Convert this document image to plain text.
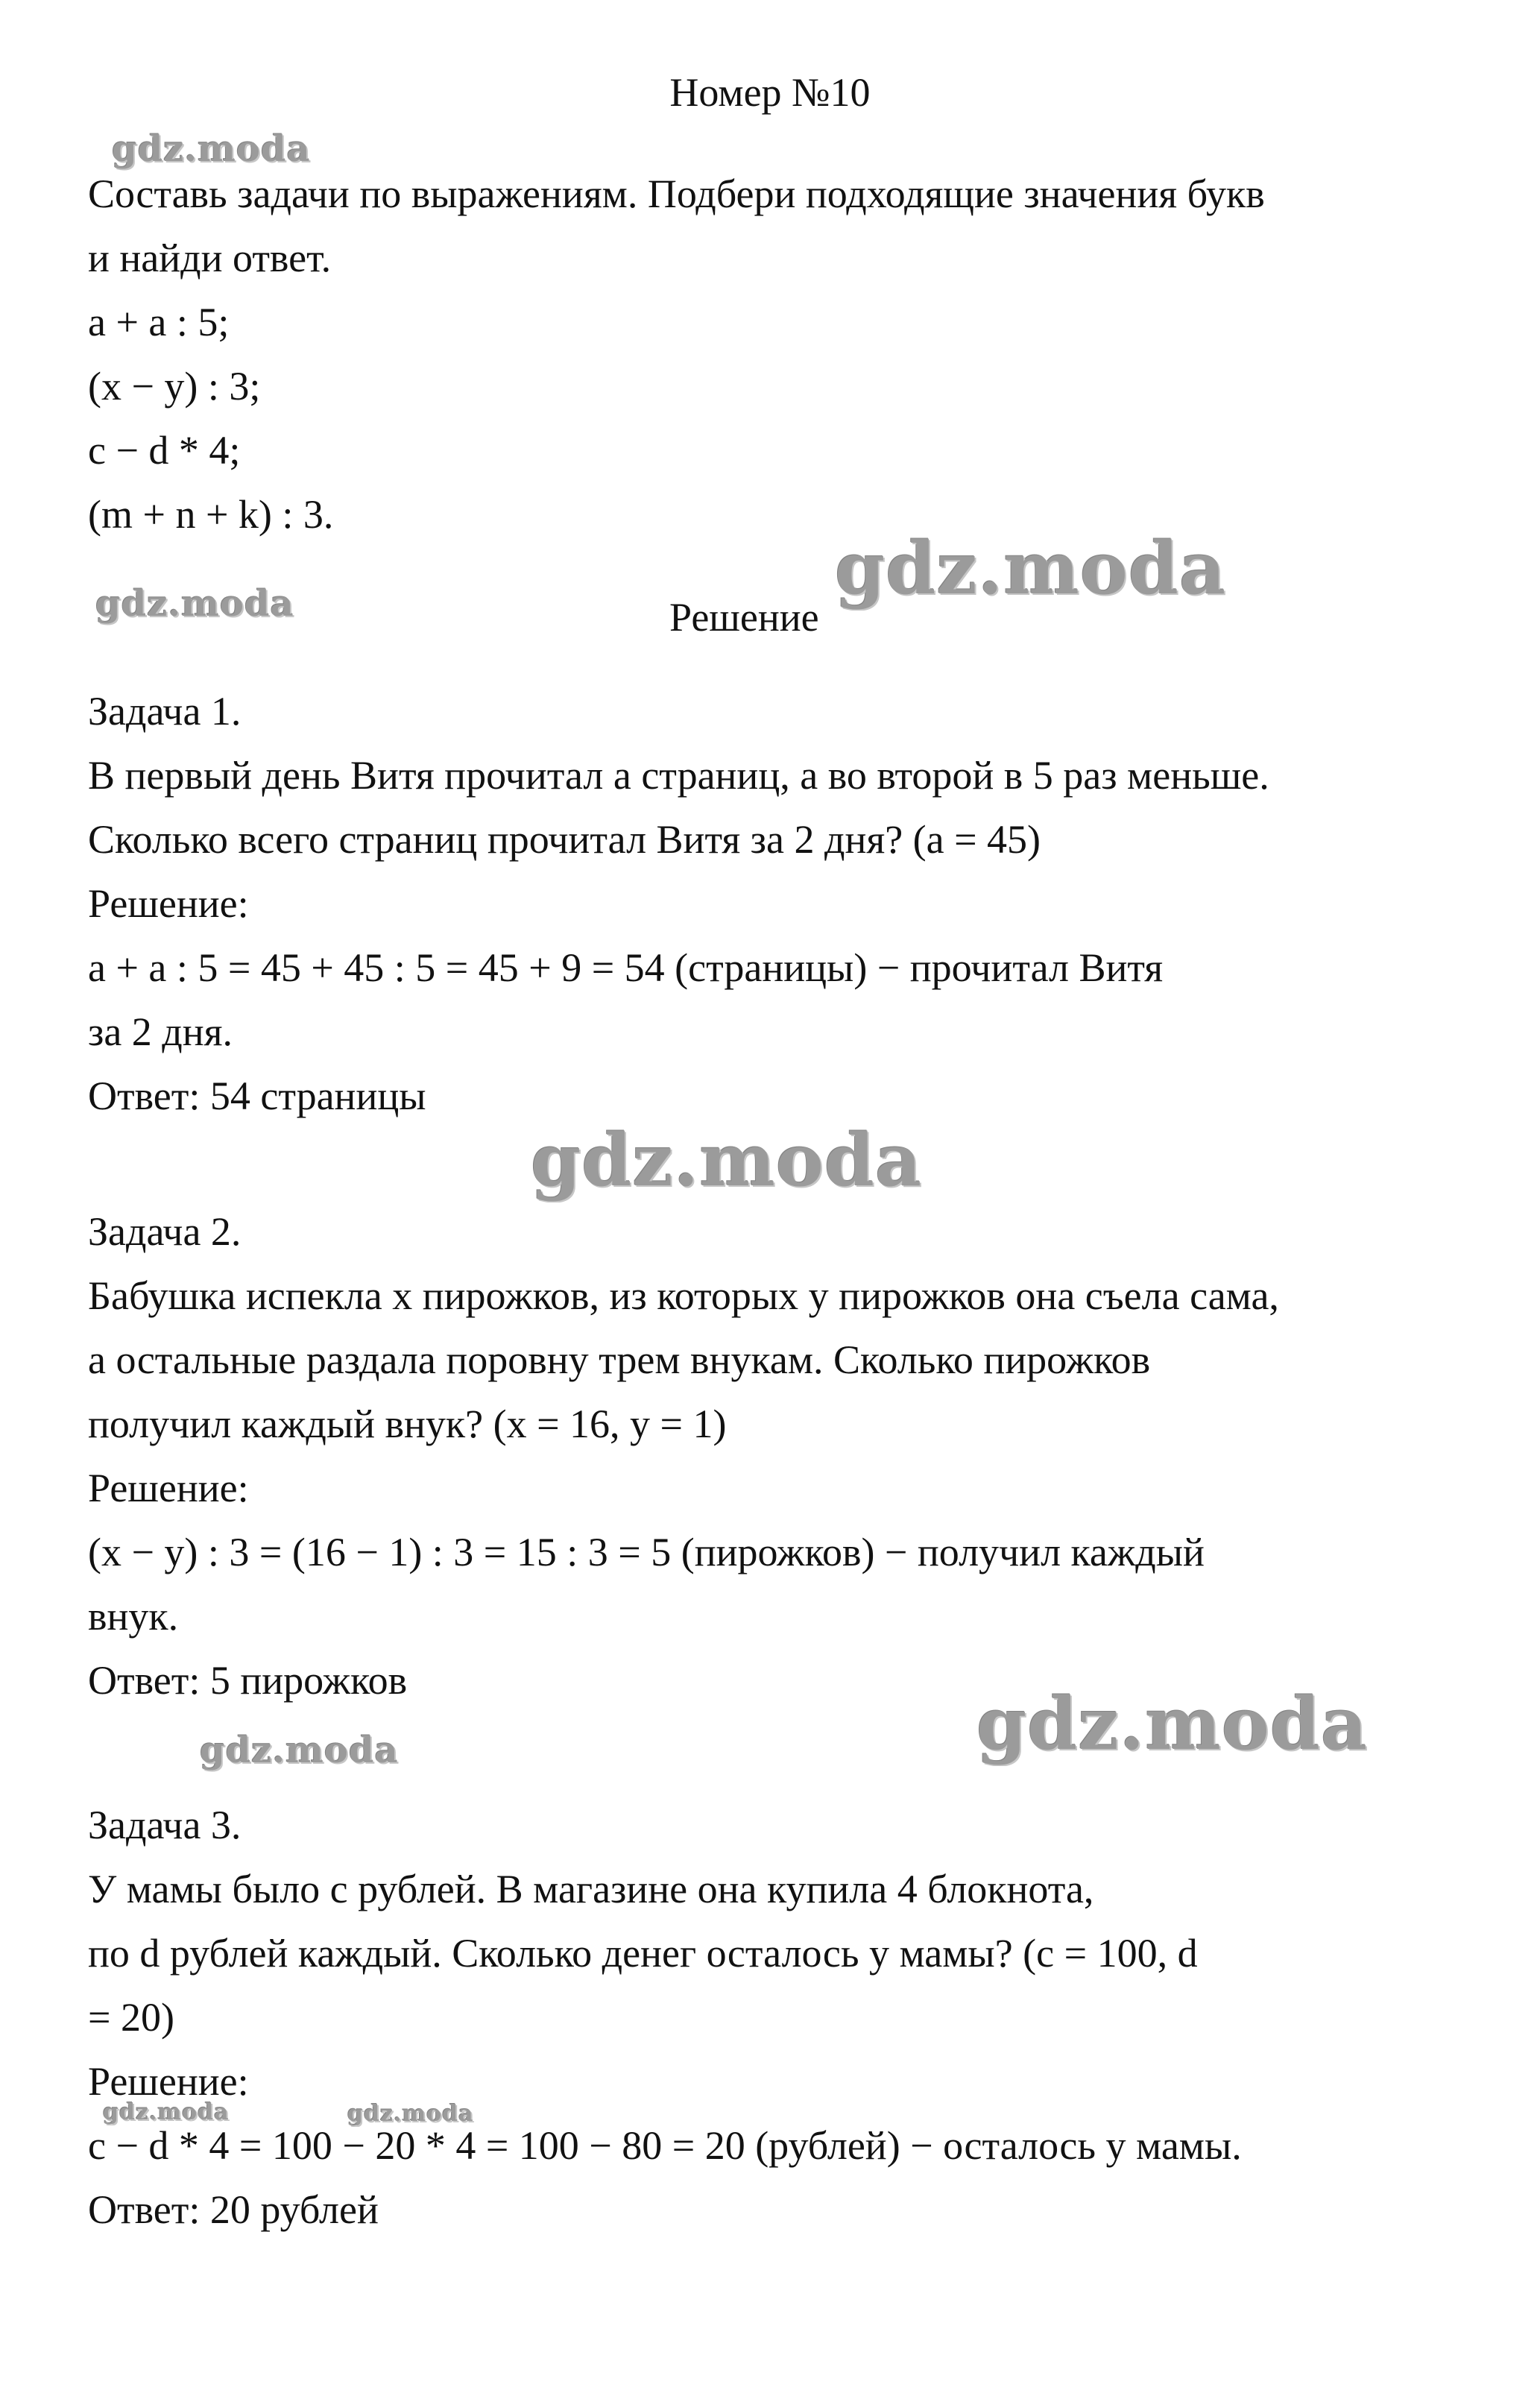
gdz.moda
gdz.moda	gdz.moda
gdz.moda
gdz.moda
gdz.moda
gdz.moda	gdz.moda
Номер №10
Составь задачи по выражениям. Подбери подходящие значения букв
и найди ответ.
a + a : 5;
(x − y) : 3;
c − d * 4;
(m + n + k) : 3.
Решение
Задача 1.
В первый день Витя прочитал a страниц, а во второй в 5 раз меньше.
Сколько всего страниц прочитал Витя за 2 дня? (a = 45)
Решение:
a + a : 5 = 45 + 45 : 5 = 45 + 9 = 54 (страницы) − прочитал Витя
за 2 дня.
Ответ: 54 страницы
Задача 2.
Бабушка испекла x пирожков, из которых y пирожков она съела сама,
а остальные раздала поровну трем внукам. Сколько пирожков
получил каждый внук? (x = 16, y = 1)
Решение:
(x − y) : 3 = (16 − 1) : 3 = 15 : 3 = 5 (пирожков) − получил каждый
внук.
Ответ: 5 пирожков
Задача 3.
У мамы было c рублей. В магазине она купила 4 блокнота,
по d рублей каждый. Сколько денег осталось у мамы? (c = 100, d
= 20)
Решение:
c − d * 4 = 100 − 20 * 4 = 100 − 80 = 20 (рублей) − осталось у мамы.
Ответ: 20 рублей
